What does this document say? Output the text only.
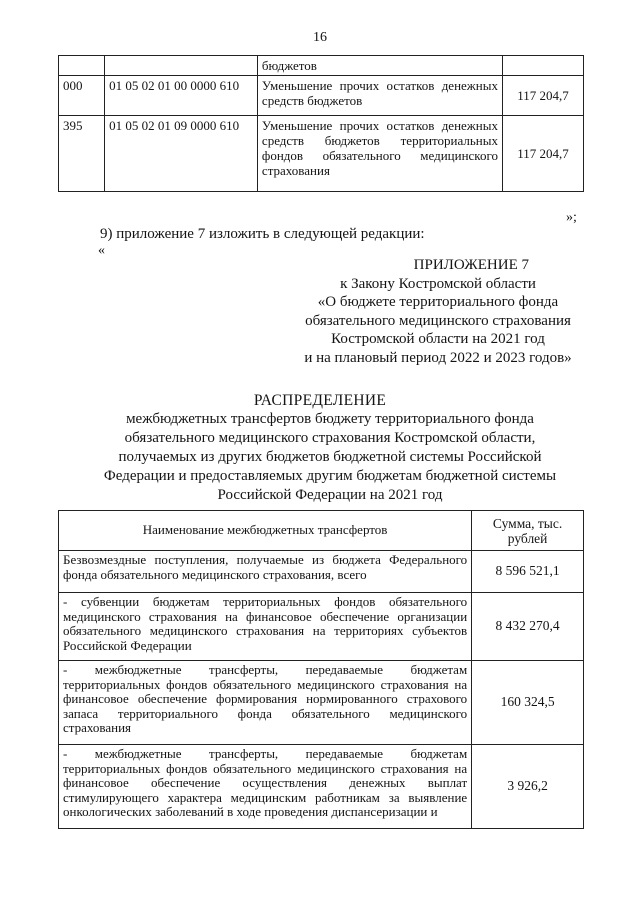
16
		бюджетов	
000	01 05 02 01 00 0000 610	Уменьшение прочих остатков денежных средств бюджетов	117 204,7
395	01 05 02 01 09 0000 610	Уменьшение прочих остатков денежных средств бюджетов территориальных фондов обязательного медицинского страхования	117 204,7
»;
9) приложение 7 изложить в следующей редакции:
«
ПРИЛОЖЕНИЕ 7
к Закону Костромской области
«О бюджете территориального фонда
обязательного медицинского страхования
Костромской области на 2021 год
и на плановый период 2022 и 2023 годов»
РАСПРЕДЕЛЕНИЕ
межбюджетных трансфертов бюджету территориального фонда обязательного медицинского страхования Костромской области, получаемых из других бюджетов бюджетной системы Российской Федерации и предоставляемых другим бюджетам бюджетной системы Российской Федерации на 2021 год
Наименование межбюджетных трансфертов	Сумма, тыс. рублей
Безвозмездные поступления, получаемые из бюджета Федерального фонда обязательного медицинского страхования, всего	8 596 521,1
- субвенции бюджетам территориальных фондов обязательного медицинского страхования на финансовое обеспечение организации обязательного медицинского страхования на территориях субъектов Российской Федерации	8 432 270,4
- межбюджетные трансферты, передаваемые бюджетам территориальных фондов обязательного медицинского страхования на финансовое обеспечение формирования нормированного страхового запаса территориального фонда обязательного медицинского страхования	160 324,5
- межбюджетные трансферты, передаваемые бюджетам территориальных фондов обязательного медицинского страхования на финансовое обеспечение осуществления денежных выплат стимулирующего характера медицинским работникам за выявление онкологических заболеваний в ходе проведения диспансеризации и	3 926,2
